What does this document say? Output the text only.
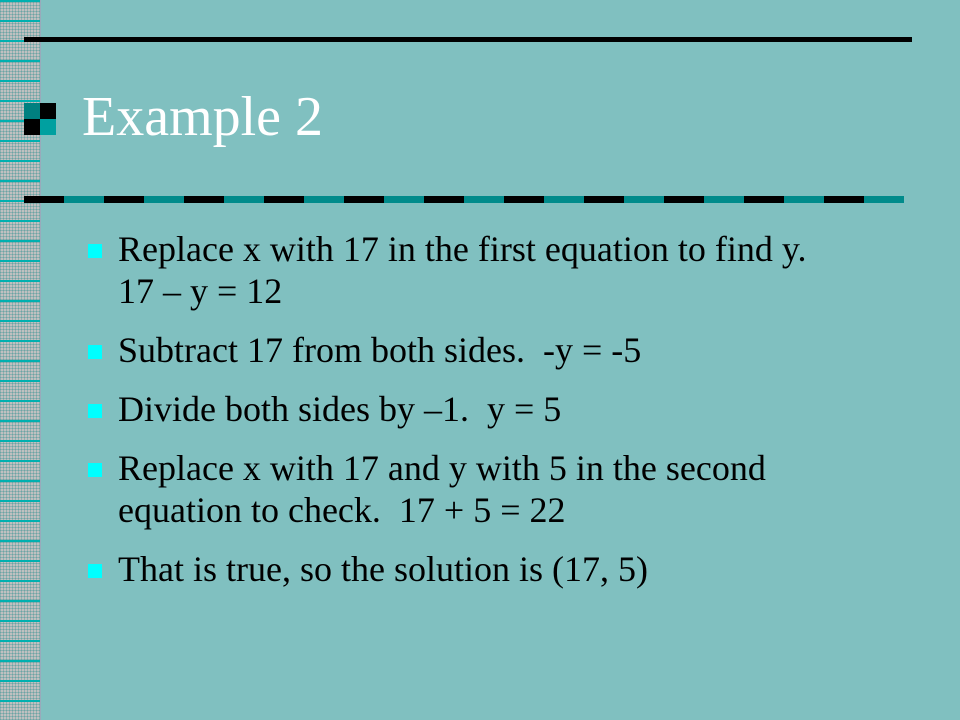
Example 2
Replace x with 17 in the first equation to find y.  17 – y = 12
Subtract 17 from both sides.  -y = -5
Divide both sides by –1.  y = 5
Replace x with 17 and y with 5 in the second equation to check.  17 + 5 = 22
That is true, so the solution is (17, 5)
